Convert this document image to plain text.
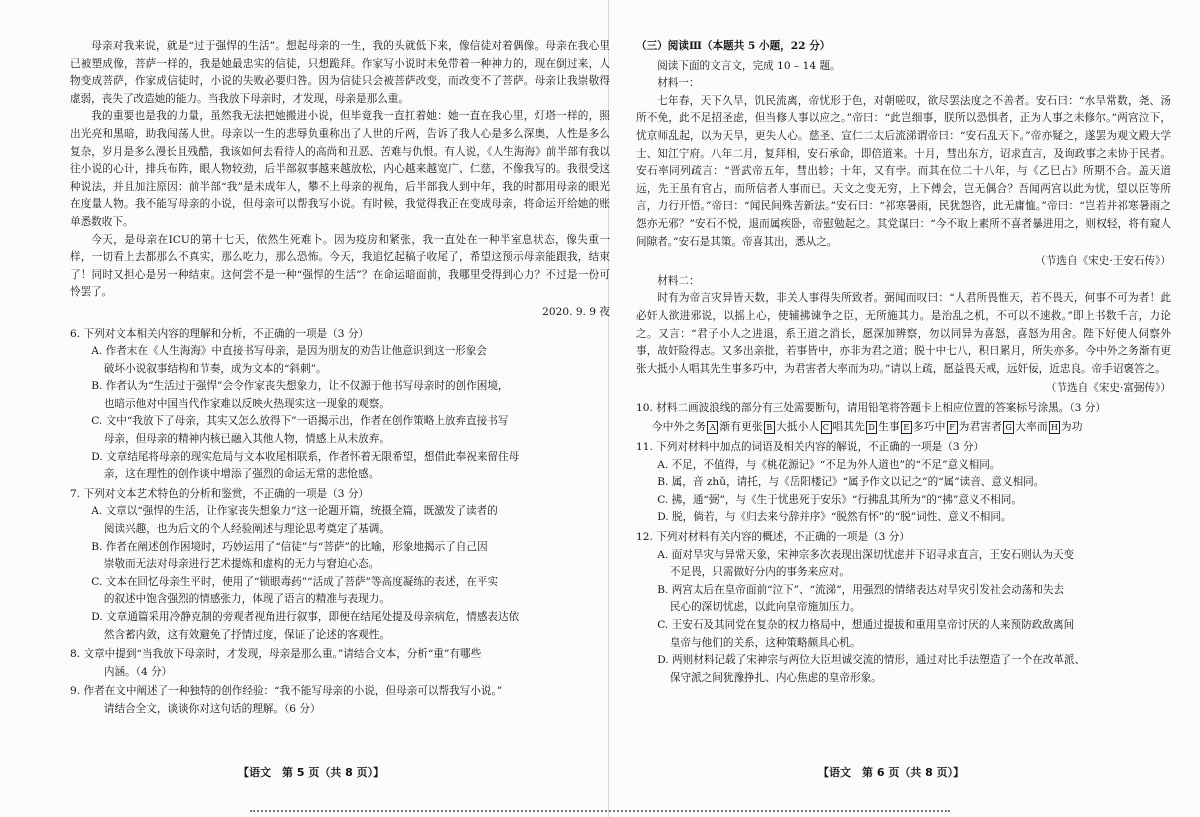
母亲对我来说，就是“过于强悍的生活”。想起母亲的一生，我的头就低下来，像信徒对着偶像。母亲在我心里已被塑成像，菩萨一样的，我是她最忠实的信徒，只想跪拜。作家写小说时未免带着一种神力的，现在倒过来，人物变成菩萨，作家成信徒时，小说的失败必要归咎。因为信徒只会被菩萨改变，而改变不了菩萨。母亲让我崇敬得虚弱，丧失了改造她的能力。当我放下母亲时，才发现，母亲是那么重。

我的重要也是我的力量，虽然我无法把她搬进小说，但毕竟我一直扛着她：她一直在我心里，灯塔一样的，照出光亮和黑暗，助我闯荡人世。母亲以一生的悲辱负重称出了人世的斤两，告诉了我人心是多么深奥，人性是多么复杂，岁月是多么漫长且残酷，我该如何去看待人的高尚和丑恶、苦难与仇恨。有人说，《人生海海》前半部有我以往小说的心计，排兵布阵，眼人物较劲，后半部叙事越来越放松，内心越来越宽广、仁慈，不像我写的。我很受这种说法，并且加注原因：前半部“我”是未成年人，攀不上母亲的视角，后半部我人到中年，我的时都用母亲的眼光在度量人物。我不能写母亲的小说，但母亲可以帮我写小说。有时候，我觉得我正在变成母亲，将命运开给她的账单悉数收下。

今天，是母亲在ICU的第十七天，依然生死难卜。因为疫房和紧张，我一直处在一种半室息状态，像失重一样，一切看上去都那么不真实，那么吃力，那么恐怖。今天，我追忆起稿子收尾了，希望这预示母亲能跟我，结束了！同时又担心是另一种结束。这何尝不是一种“强悍的生活”？在命运暗面前，我哪里受得到心力？不过是一份可怜罢了。

2020. 9. 9 夜
6. 下列对文本相关内容的理解和分析，不正确的一项是（3 分）
A. 作者末在《人生海海》中直接书写母亲，是因为朋友的劝告让他意识到这一形象会
破坏小说叙事结构和节奏，成为文本的“斜刺”。
B. 作者认为“生活过于强悍”会令作家丧失想象力，让不仅源于他书写母亲时的创作困境，
也暗示他对中国当代作家难以反映火热现实这一现象的观察。
C. 文中“我放下了母亲，其实又怎么放得下”一语揭示出，作者在创作策略上放弃直接书写
母亲，但母亲的精神内核已融入其他人物，情感上从未放弃。
D. 文章结尾将母亲的现实危局与文本收尾相联系，作者怀着无限希望，想借此奉祝来留住母
亲，这在理性的创作谈中增添了强烈的命运无常的悲怆感。
7. 下列对文本艺术特色的分析和鉴赏，不正确的一项是（3 分）
A. 文章以“强悍的生活，让作家丧失想象力”这一论题开篇，统摄全篇，既激发了读者的
阅读兴趣，也为后文的个人经验阐述与理论思考奠定了基调。
B. 作者在阐述创作困境时，巧妙运用了“信徒”与“菩萨”的比喻，形象地揭示了自己因
崇敬而无法对母亲进行艺术提炼和虚构的无力与窘迫心态。
C. 文本在回忆母亲生平时，使用了“锁眼毒药”“活成了菩萨”等高度凝练的表述，在平实
的叙述中饱含强烈的情感张力，体现了语言的精准与表现力。
D. 文章通篇采用冷静克制的旁观者视角进行叙事，即便在结尾处提及母亲病危，情感表达依
然含蓄内敛，这有效避免了抒情过度，保证了论述的客观性。
8. 文章中提到“当我放下母亲时，才发现，母亲是那么重。”请结合文本，分析“重”有哪些
内涵。（4 分）
9. 作者在文中阐述了一种独特的创作经验：“我不能写母亲的小说，但母亲可以帮我写小说。”
请结合全文，谈谈你对这句话的理解。（6 分）
（三）阅读Ⅲ（本题共 5 小题，22 分）

阅读下面的文言文，完成 10 – 14 题。

材料一：

七年春，天下久旱，饥民流离，帝忧形于色，对朝嗟叹，欲尽罢法度之不善者。安石曰：“水旱常数，尧、汤所不免，此不足招圣虑，但当修人事以应之。”帝曰：“此岂细事，朕所以恐惧者，正为人事之未修尔。”两宫泣下，忧京师乱起，以为天旱，更失人心。慈圣、宣仁二太后流涕谓帝曰：“安石乱天下。”帝亦疑之，遂罢为观文殿大学士、知江宁府。八年二月，复拜相，安石承命，即倍道来。十月，彗出东方，诏求直言，及询政事之未协于民者。安石率同列疏言：“晋武帝五年，彗出轸；十年，又有孛。而其在位二十八年，与《乙巳占》所期不合。盖天道远，先王虽有官占，而所信者人事而已。天文之变无穷，上下傅会，岂无偶合？吾闻两宫以此为忧，望以臣等所言，力行开悟。”帝曰：“闻民间殊苦新法。”安石曰：“祁寒暑雨，民犹怨咨，此无庸恤。”帝曰：“岂若并祁寒暑雨之怨亦无邪？”安石不悦，退而属疾卧，帝慰勉起之。其党谋曰：“今不取上素所不喜者暴进用之，则权轻，将有窥人间隙者。”安石是其策。帝喜其出，悉从之。

（节选自《宋史·王安石传》）

材料二：

时有为帝言灾异皆天数，非关人事得失所致者。弼闻而叹曰：“人君所畏惟天，若不畏天，何事不可为者！此必奸人欲进邪说，以摇上心，使辅拂谏争之臣，无所施其力。是治乱之机，不可以不速救。”即上书数千言，力论之。又言：“君子小人之进退，系王道之消长，愿深加辨察，勿以同异为喜怒，喜怒为用舍。陛下好使人伺察外事，故奸险得志。又多出亲批，若事皆中，亦非为君之道；脱十中七八，积日累月，所失亦多。今中外之务渐有更张大抵小人唱其先生事多巧中，为君害者大率而为功。”请以上疏，愿益畏天戒，远奸佞，近忠良。帝手诏褒答之。

（节选自《宋史·富弼传》）
10. 材料二画波浪线的部分有三处需要断句，请用铅笔将答题卡上相应位置的答案标号涂黑。（3 分）
今中外之务 A 渐有更张 B 大抵小人 C 唱其先 D 生事 E 多巧中 F 为君害者 G 大率而 H 为功
11. 下列对材料中加点的词语及相关内容的解说，不正确的一项是（3 分）
A. 不足，不值得，与《桃花源记》“不足为外人道也”的“不足”意义相同。
B. 属，音 zhǔ，请托，与《岳阳楼记》“属予作文以记之”的“属”读音、意义相同。
C. 拂，通“弼”，与《生于忧患死于安乐》“行拂乱其所为”的“拂”意义不相同。
D. 脱，倘若，与《归去来兮辞并序》“脱然有怀”的“脱”词性、意义不相同。
12. 下列对材料有关内容的概述，不正确的一项是（3 分）
A. 面对旱灾与异常天象，宋神宗多次表现出深切忧虑并下诏寻求直言，王安石则认为天变
不足畏，只需做好分内的事务来应对。
B. 两宫太后在皇帝面前“泣下”、“流涕”，用强烈的情绪表达对旱灾引发社会动荡和失去
民心的深切忧虑，以此向皇帝施加压力。
C. 王安石及其同党在复杂的权力格局中，想通过提拔和重用皇帝讨厌的人来预防政敌离间
皇帝与他们的关系，这种策略颇具心机。
D. 两则材料记载了宋神宗与两位大臣坦诚交流的情形，通过对比手法塑造了一个在改革派、
保守派之间犹豫挣扎、内心焦虑的皇帝形象。
【语文　第 5 页（共 8 页）】	【语文　第 6 页（共 8 页）】
